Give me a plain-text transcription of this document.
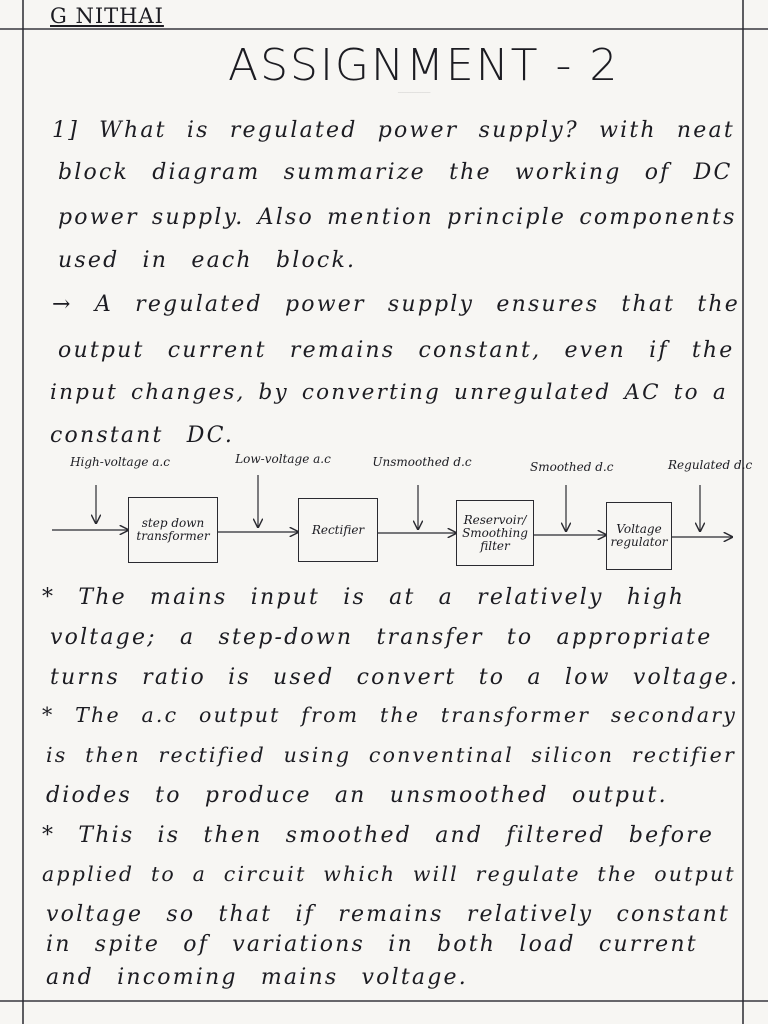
G NITHAI
ASSIGNMENT - 2
1] What is regulated power supply? with neat
block diagram summarize the working of DC
power supply. Also mention principle components
used in each block.
→ A regulated power supply ensures that the
output current remains constant, even if the
input changes, by converting unregulated AC to a
constant DC.
High-voltage a.c	Low-voltage a.c	Unsmoothed d.c	Smoothed d.c	Regulated d.c
step down transformer	Rectifier
Reservoir/ Smoothing filter
Voltage regulator
* The mains input is at a relatively high
voltage; a step-down transfer to appropriate
turns ratio is used convert to a low voltage.
* The a.c output from the transformer secondary
is then rectified using conventinal silicon rectifier
diodes to produce an unsmoothed output.
* This is then smoothed and filtered before
applied to a circuit which will regulate the output
voltage so that if remains relatively constant
in spite of variations in both load current
and incoming mains voltage.
